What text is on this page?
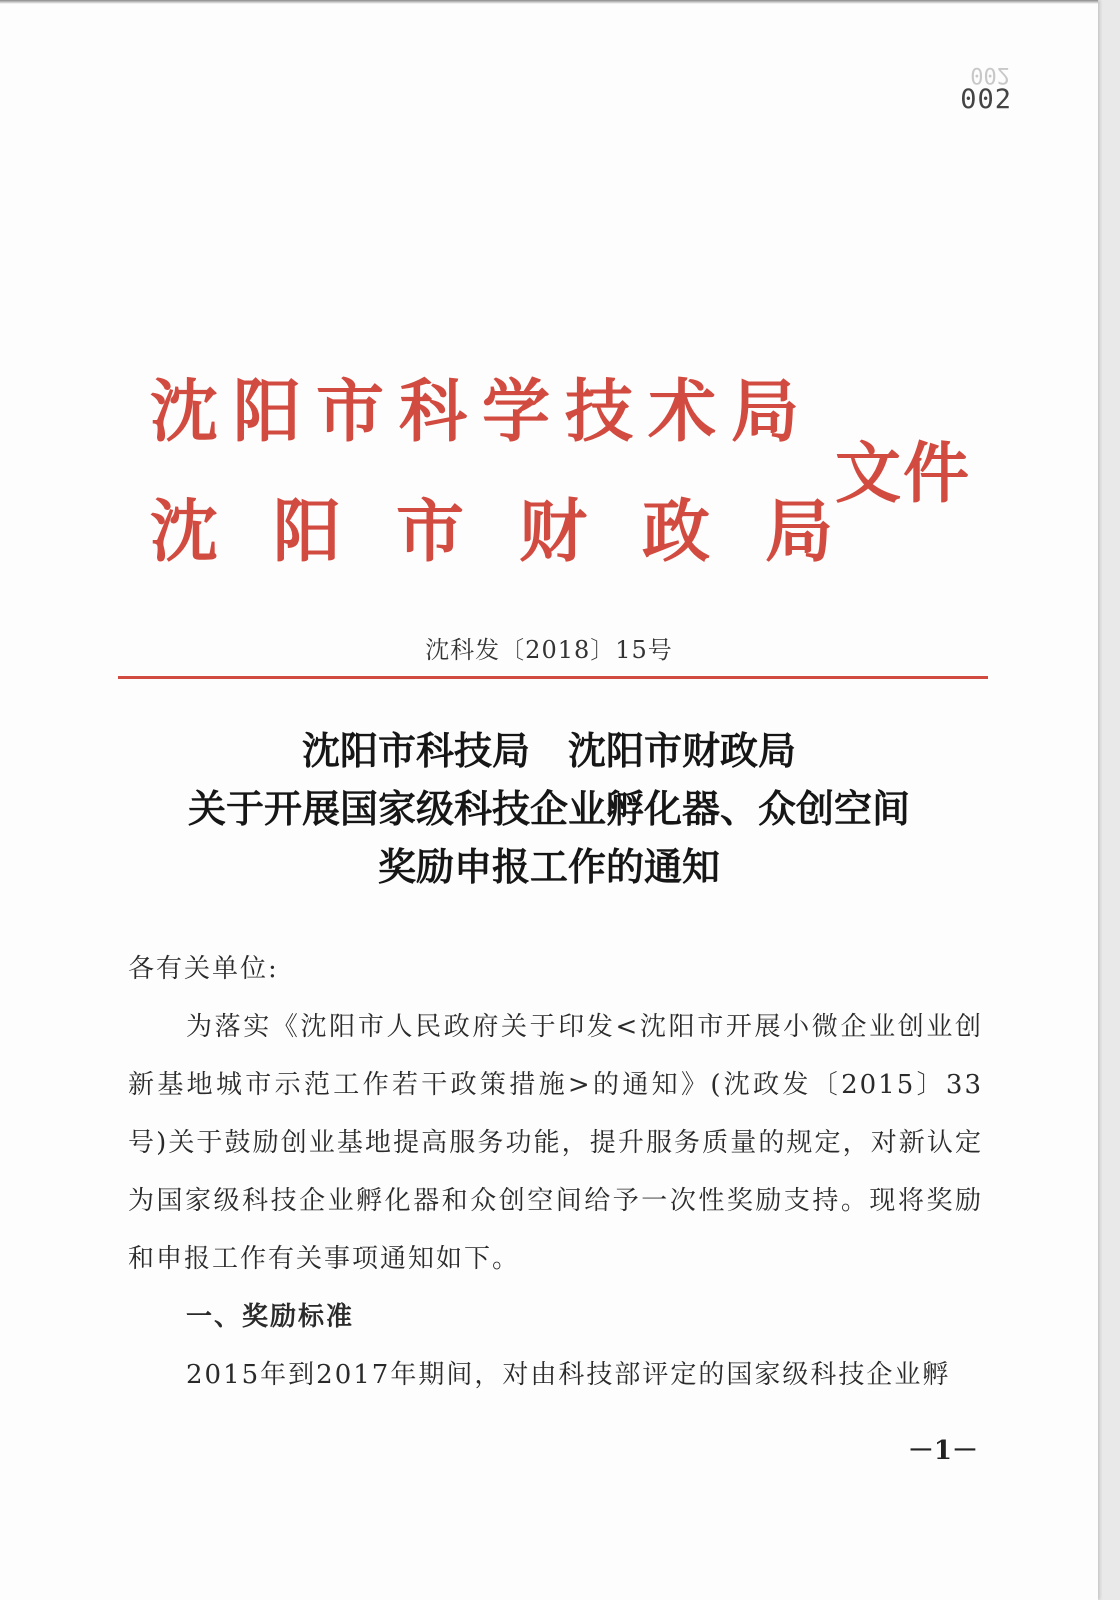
002
002
沈阳市科学技术局
沈阳市财政局
文件
沈科发〔2018〕15号
沈阳市科技局　沈阳市财政局
关于开展国家级科技企业孵化器、众创空间
奖励申报工作的通知

各有关单位:

为落实《沈阳市人民政府关于印发<沈阳市开展小微企业创业创新基地城市示范工作若干政策措施>的通知》(沈政发〔2015〕33号)关于鼓励创业基地提高服务功能，提升服务质量的规定，对新认定为国家级科技企业孵化器和众创空间给予一次性奖励支持。现将奖励和申报工作有关事项通知如下。

一、奖励标准

2015年到2017年期间，对由科技部评定的国家级科技企业孵

－1－
